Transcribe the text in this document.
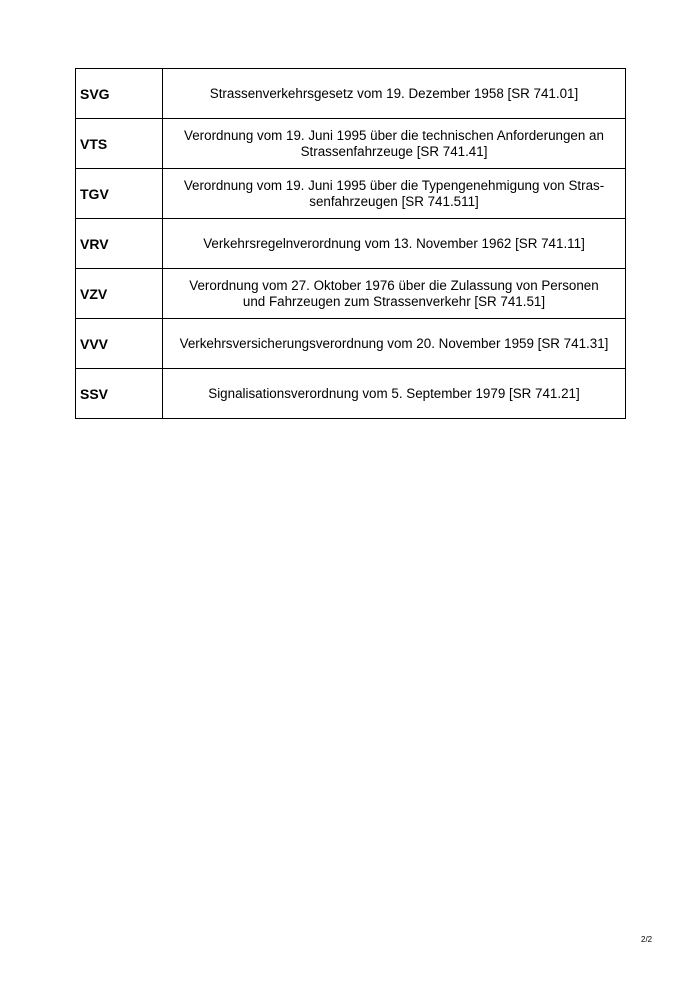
SVG	Strassenverkehrsgesetz vom 19. Dezember 1958 [SR 741.01]
VTS	Verordnung vom 19. Juni 1995 über die technischen Anforderungen an
Strassenfahrzeuge [SR 741.41]
TGV	Verordnung vom 19. Juni 1995 über die Typengenehmigung von Stras-
senfahrzeugen [SR 741.511]
VRV	Verkehrsregelnverordnung vom 13. November 1962 [SR 741.11]
VZV	Verordnung vom 27. Oktober 1976 über die Zulassung von Personen
und Fahrzeugen zum Strassenverkehr [SR 741.51]
VVV	Verkehrsversicherungsverordnung vom 20. November 1959 [SR 741.31]
SSV	Signalisationsverordnung vom 5. September 1979 [SR 741.21]
2/2
